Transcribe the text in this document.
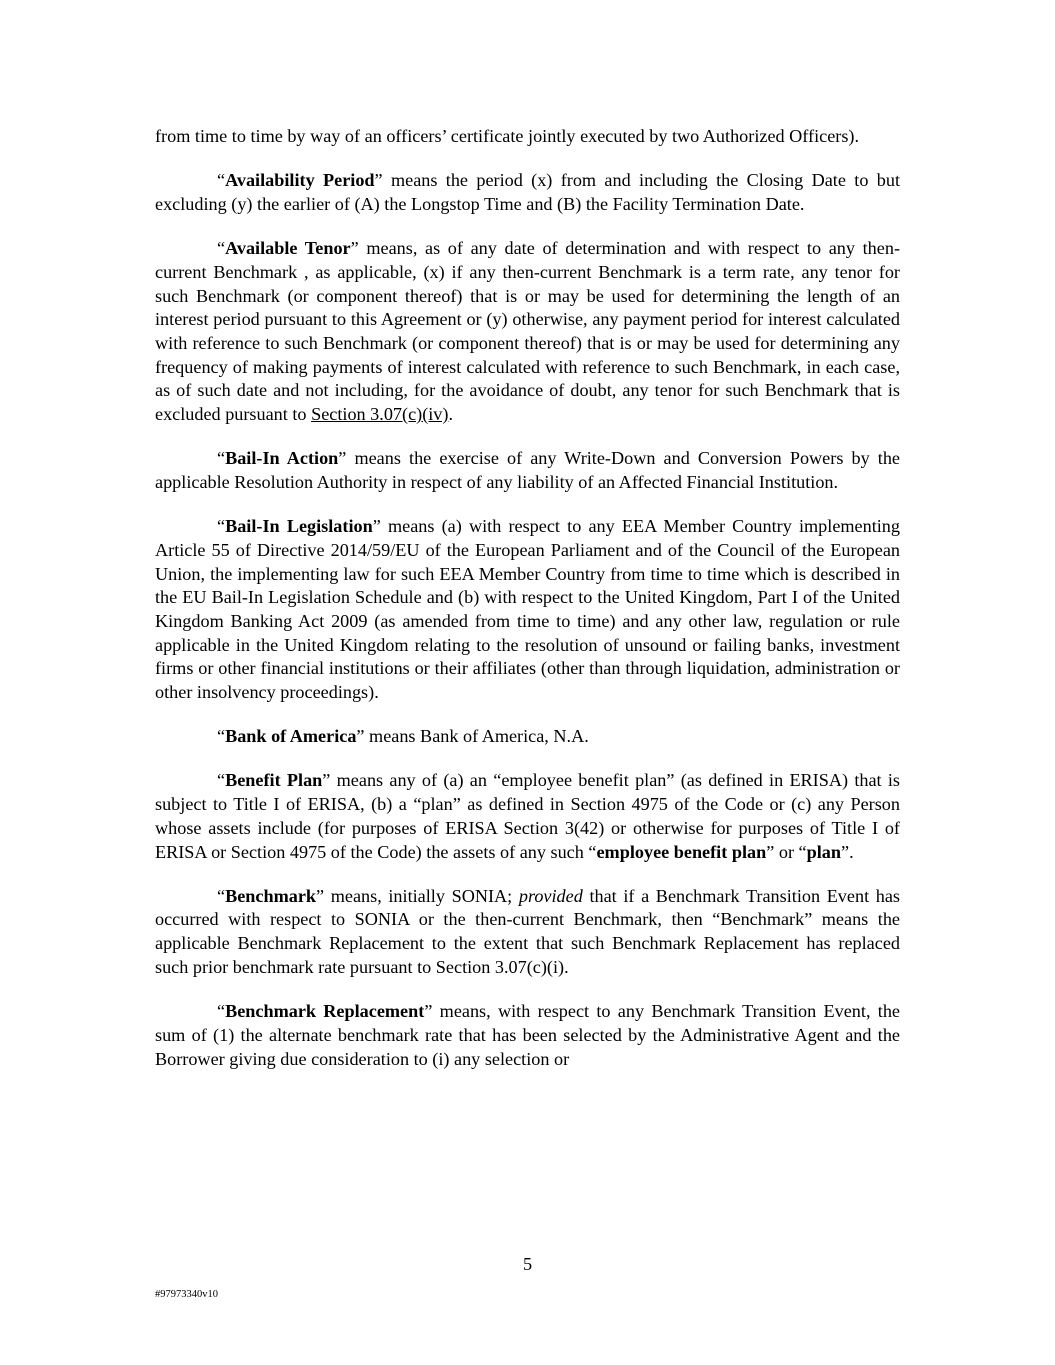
from time to time by way of an officers’ certificate jointly executed by two Authorized Officers).

“Availability Period” means the period (x) from and including the Closing Date to but excluding (y) the earlier of (A) the Longstop Time and (B) the Facility Termination Date.

“Available Tenor” means, as of any date of determination and with respect to any then-current Benchmark , as applicable, (x) if any then-current Benchmark is a term rate, any tenor for such Benchmark (or component thereof) that is or may be used for determining the length of an interest period pursuant to this Agreement or (y) otherwise, any payment period for interest calculated with reference to such Benchmark (or component thereof) that is or may be used for determining any frequency of making payments of interest calculated with reference to such Benchmark, in each case, as of such date and not including, for the avoidance of doubt, any tenor for such Benchmark that is excluded pursuant to Section 3.07(c)(iv).

“Bail-In Action” means the exercise of any Write-Down and Conversion Powers by the applicable Resolution Authority in respect of any liability of an Affected Financial Institution.

“Bail-In Legislation” means (a) with respect to any EEA Member Country implementing Article 55 of Directive 2014/59/EU of the European Parliament and of the Council of the European Union, the implementing law for such EEA Member Country from time to time which is described in the EU Bail-In Legislation Schedule and (b) with respect to the United Kingdom, Part I of the United Kingdom Banking Act 2009 (as amended from time to time) and any other law, regulation or rule applicable in the United Kingdom relating to the resolution of unsound or failing banks, investment firms or other financial institutions or their affiliates (other than through liquidation, administration or other insolvency proceedings).

“Bank of America” means Bank of America, N.A.

“Benefit Plan” means any of (a) an “employee benefit plan” (as defined in ERISA) that is subject to Title I of ERISA, (b) a “plan” as defined in Section 4975 of the Code or (c) any Person whose assets include (for purposes of ERISA Section 3(42) or otherwise for purposes of Title I of ERISA or Section 4975 of the Code) the assets of any such “employee benefit plan” or “plan”.

“Benchmark” means, initially SONIA; provided that if a Benchmark Transition Event has occurred with respect to SONIA or the then-current Benchmark, then “Benchmark” means the applicable Benchmark Replacement to the extent that such Benchmark Replacement has replaced such prior benchmark rate pursuant to Section 3.07(c)(i).

“Benchmark Replacement” means, with respect to any Benchmark Transition Event, the sum of (1) the alternate benchmark rate that has been selected by the Administrative Agent and the Borrower giving due consideration to (i) any selection or

5
#97973340v10
